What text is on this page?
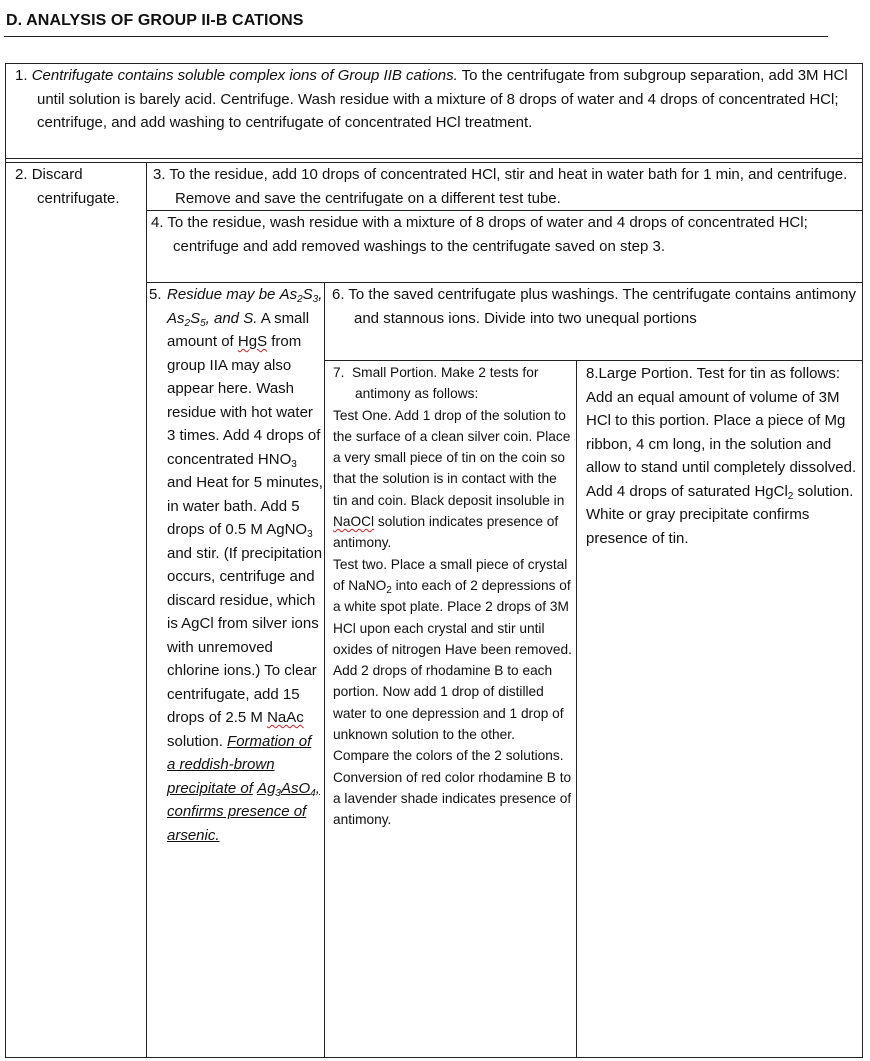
D. ANALYSIS OF GROUP II-B CATIONS
1. Centrifugate contains soluble complex ions of Group IIB cations. To the centrifugate from subgroup separation, add 3M HCl until solution is barely acid. Centrifuge. Wash residue with a mixture of 8 drops of water and 4 drops of concentrated HCl; centrifuge, and add washing to centrifugate of concentrated HCl treatment.
2. Discard centrifugate.
3. To the residue, add 10 drops of concentrated HCl, stir and heat in water bath for 1 min, and centrifuge. Remove and save the centrifugate on a different test tube.
4. To the residue, wash residue with a mixture of 8 drops of water and 4 drops of concentrated HCl; centrifuge and add removed washings to the centrifugate saved on step 3.
5. Residue may be $As_2S_3$, $As_2S_5$, and S. A small amount of HgS from group IIA may also appear here. Wash residue with hot water 3 times. Add 4 drops of concentrated $HNO_3$ and Heat for 5 minutes, in water bath. Add 5 drops of 0.5 M AgNO$_3$ and stir. (If precipitation occurs, centrifuge and discard residue, which is AgCl from silver ions with unremoved chlorine ions.) To clear centrifugate, add 15 drops of 2.5 M NaAc solution. Formation of a reddish-brown precipitate of $Ag_3AsO_4$, confirms presence of arsenic.
6. To the saved centrifugate plus washings. The centrifugate contains antimony and stannous ions. Divide into two unequal portions
7. Small Portion. Make 2 tests for antimony as follows:
Test One. Add 1 drop of the solution to the surface of a clean silver coin. Place a very small piece of tin on the coin so that the solution is in contact with the tin and coin. Black deposit insoluble in NaOCl solution indicates presence of antimony.
Test two. Place a small piece of crystal of NaNO$_2$ into each of 2 depressions of a white spot plate. Place 2 drops of 3M HCl upon each crystal and stir until oxides of nitrogen Have been removed. Add 2 drops of rhodamine B to each portion. Now add 1 drop of distilled water to one depression and 1 drop of unknown solution to the other. Compare the colors of the 2 solutions. Conversion of red color rhodamine B to a lavender shade indicates presence of antimony.
8.Large Portion. Test for tin as follows:
Add an equal amount of volume of 3M HCl to this portion. Place a piece of Mg ribbon, 4 cm long, in the solution and allow to stand until completely dissolved. Add 4 drops of saturated HgCl$_2$ solution. White or gray precipitate confirms presence of tin.
